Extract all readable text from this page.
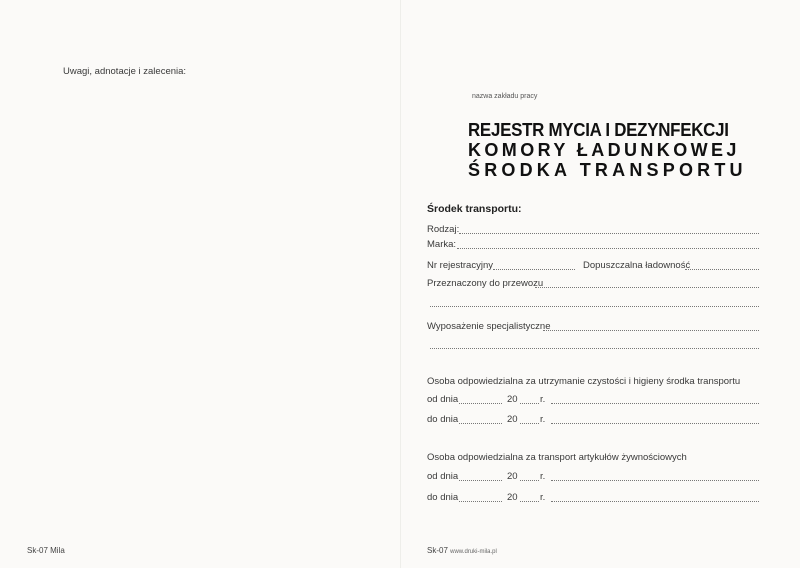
Uwagi, adnotacje i zalecenia:
Sk-07 Mila
nazwa zakładu pracy
REJESTR MYCIA I DEZYNFEKCJI
KOMORY ŁADUNKOWEJ
ŚRODKA TRANSPORTU
Środek transportu:
Rodzaj:
Marka:
Nr rejestracyjny	Dopuszczalna ładowność
Przeznaczony do przewozu
Wyposażenie specjalistyczne
Osoba odpowiedzialna za utrzymanie czystości i higieny środka transportu
od dnia	20 r.
do dnia	20 r.
Osoba odpowiedzialna za transport artykułów żywnościowych
od dnia	20 r.
do dnia	20 r.
Sk-07 www.druki-mila.pl
